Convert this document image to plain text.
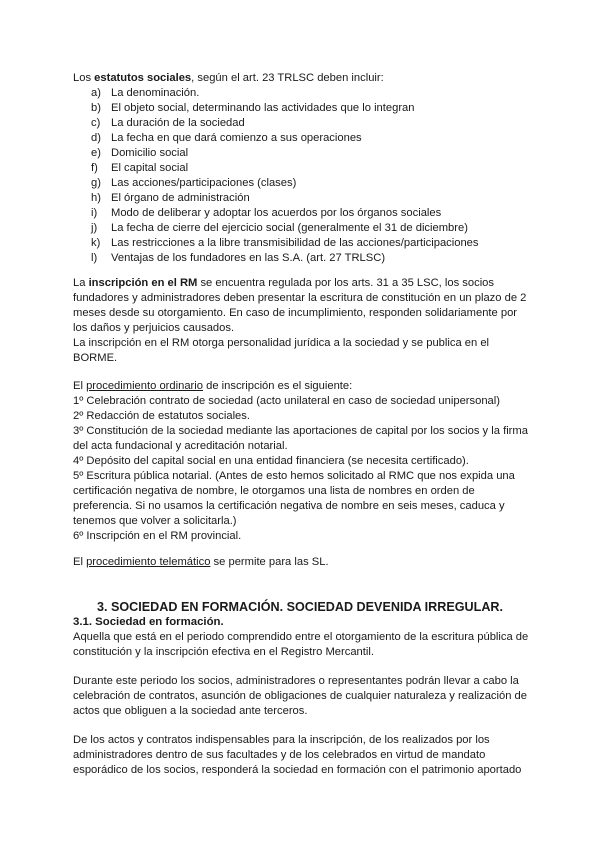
Los estatutos sociales, según el art. 23 TRLSC deben incluir:
a) La denominación.
b) El objeto social, determinando las actividades que lo integran
c) La duración de la sociedad
d) La fecha en que dará comienzo a sus operaciones
e) Domicilio social
f)	El capital social
g) Las acciones/participaciones (clases)
h) El órgano de administración
i)	Modo de deliberar y adoptar los acuerdos por los órganos sociales
j)	La fecha de cierre del ejercicio social (generalmente el 31 de diciembre)
k) Las restricciones a la libre transmisibilidad de las acciones/participaciones
l)	Ventajas de los fundadores en las S.A. (art. 27 TRLSC)
La inscripción en el RM se encuentra regulada por los arts. 31 a 35 LSC, los socios
fundadores y administradores deben presentar la escritura de constitución en un plazo de 2
meses desde su otorgamiento. En caso de incumplimiento, responden solidariamente por
los daños y perjuicios causados.
La inscripción en el RM otorga personalidad jurídica a la sociedad y se publica en el
BORME.
El procedimiento ordinario de inscripción es el siguiente:
1º Celebración contrato de sociedad (acto unilateral en caso de sociedad unipersonal)
2º Redacción de estatutos sociales.
3º Constitución de la sociedad mediante las aportaciones de capital por los socios y la firma
del acta fundacional y acreditación notarial.
4º Depósito del capital social en una entidad financiera (se necesita certificado).
5º Escritura pública notarial. (Antes de esto hemos solicitado al RMC que nos expida una
certificación negativa de nombre, le otorgamos una lista de nombres en orden de
preferencia. Si no usamos la certificación negativa de nombre en seis meses, caduca y
tenemos que volver a solicitarla.)
6º Inscripción en el RM provincial.
El procedimiento telemático se permite para las SL.
3. SOCIEDAD EN FORMACIÓN. SOCIEDAD DEVENIDA IRREGULAR.
3.1. Sociedad en formación.
Aquella que está en el periodo comprendido entre el otorgamiento de la escritura pública de
constitución y la inscripción efectiva en el Registro Mercantil.
Durante este periodo los socios, administradores o representantes podrán llevar a cabo la
celebración de contratos, asunción de obligaciones de cualquier naturaleza y realización de
actos que obliguen a la sociedad ante terceros.
De los actos y contratos indispensables para la inscripción, de los realizados por los
administradores dentro de sus facultades y de los celebrados en virtud de mandato
esporádico de los socios, responderá la sociedad en formación con el patrimonio aportado
